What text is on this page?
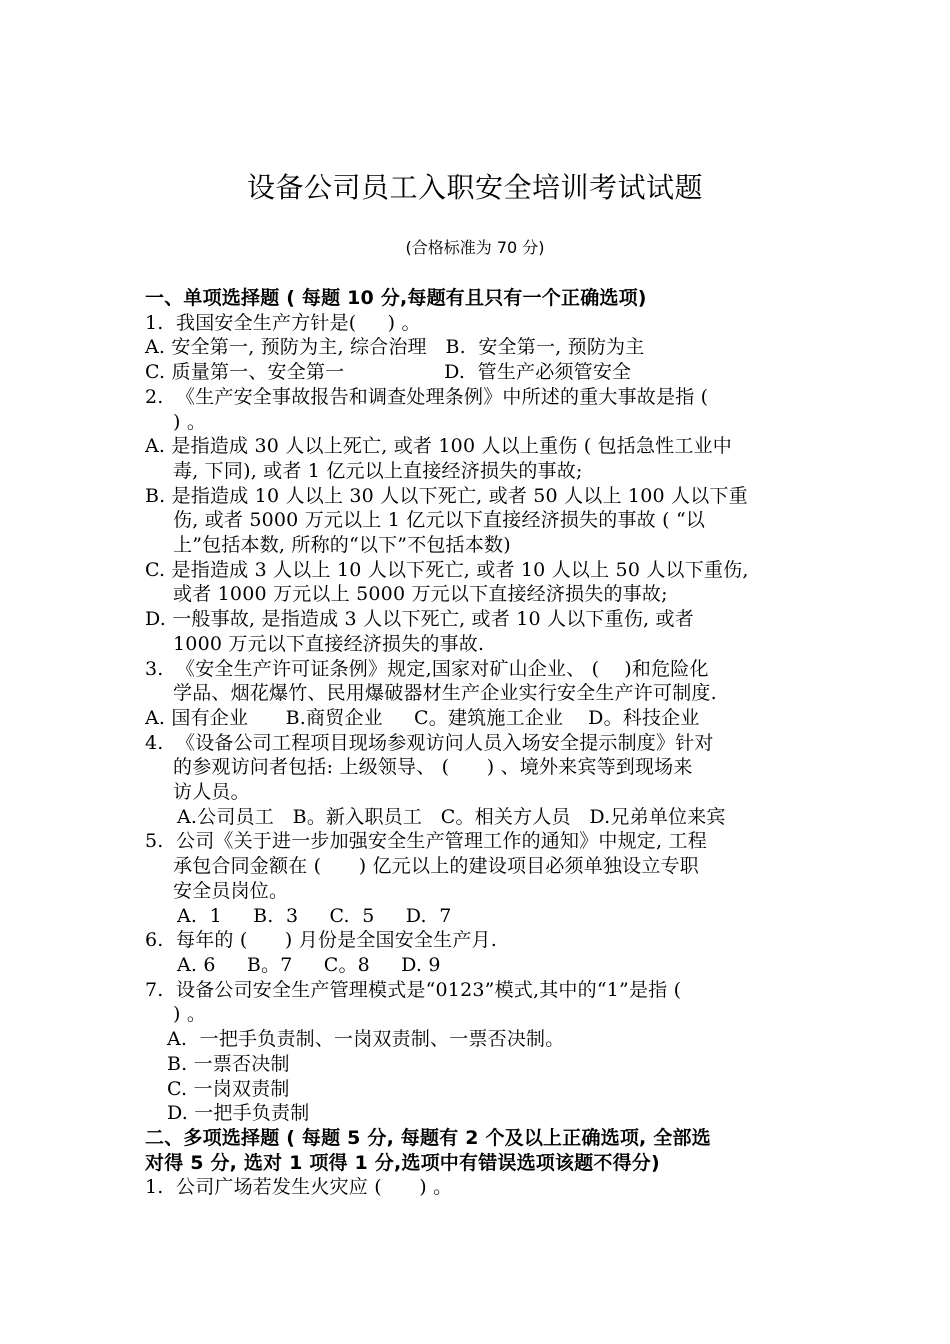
设备公司员工入职安全培训考试试题
(合格标准为 70 分)
一、单项选择题 ( 每题 10 分,每题有且只有一个正确选项)
1.  我国安全生产方针是(     ) 。
A. 安全第一, 预防为主, 综合治理   B.  安全第一, 预防为主
C. 质量第一、安全第一                D.  管生产必须管安全
2.  《生产安全事故报告和调查处理条例》中所述的重大事故是指 (
) 。
A. 是指造成 30 人以上死亡, 或者 100 人以上重伤 ( 包括急性工业中
毒, 下同), 或者 1 亿元以上直接经济损失的事故;
B. 是指造成 10 人以上 30 人以下死亡, 或者 50 人以上 100 人以下重
伤, 或者 5000 万元以上 1 亿元以下直接经济损失的事故 ( “以
上”包括本数, 所称的“以下”不包括本数)
C. 是指造成 3 人以上 10 人以下死亡, 或者 10 人以上 50 人以下重伤,
或者 1000 万元以上 5000 万元以下直接经济损失的事故;
D. 一般事故, 是指造成 3 人以下死亡, 或者 10 人以下重伤, 或者
1000 万元以下直接经济损失的事故.
3.  《安全生产许可证条例》规定,国家对矿山企业、 (    )和危险化
学品、烟花爆竹、民用爆破器材生产企业实行安全生产许可制度.
A. 国有企业      B.商贸企业     C。建筑施工企业    D。科技企业
4.  《设备公司工程项目现场参观访问人员入场安全提示制度》针对
的参观访问者包括: 上级领导、 (      ) 、境外来宾等到现场来
访人员。
A.公司员工   B。新入职员工   C。相关方人员   D.兄弟单位来宾
5.  公司《关于进一步加强安全生产管理工作的通知》中规定, 工程
承包合同金额在 (      ) 亿元以上的建设项目必须单独设立专职
安全员岗位。
A.  1     B.  3     C.  5     D.  7
6.  每年的 (      ) 月份是全国安全生产月.
A. 6     B。7     C。8     D. 9
7.  设备公司安全生产管理模式是“0123”模式,其中的“1”是指 (
) 。
A.  一把手负责制、一岗双责制、一票否决制。
B. 一票否决制
C. 一岗双责制
D. 一把手负责制
二、多项选择题 ( 每题 5 分, 每题有 2 个及以上正确选项, 全部选
对得 5 分, 选对 1 项得 1 分,选项中有错误选项该题不得分)
1.  公司广场若发生火灾应 (      ) 。
